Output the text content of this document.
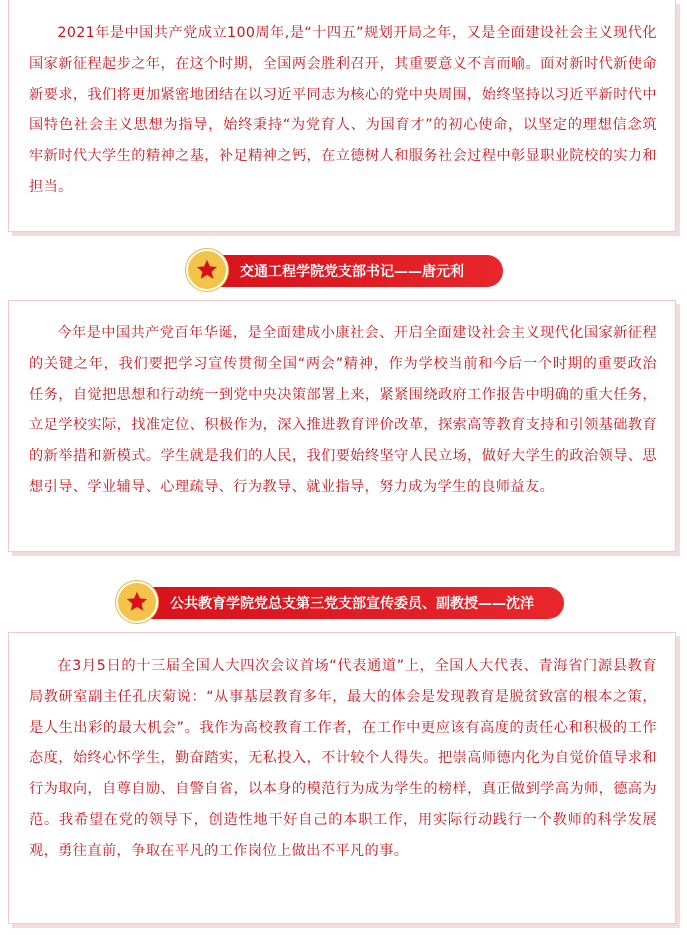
2021年是中国共产党成立100周年,是“十四五”规划开局之年，又是全面建设社会主义现代化国家新征程起步之年，在这个时期，全国两会胜利召开，其重要意义不言而喻。面对新时代新使命新要求，我们将更加紧密地团结在以习近平同志为核心的党中央周围，始终坚持以习近平新时代中国特色社会主义思想为指导，始终秉持“为党育人、为国育才”的初心使命，以坚定的理想信念筑牢新时代大学生的精神之基，补足精神之钙，在立德树人和服务社会过程中彰显职业院校的实力和担当。

交通工程学院党支部书记——唐元利

今年是中国共产党百年华诞，是全面建成小康社会、开启全面建设社会主义现代化国家新征程的关键之年，我们要把学习宣传贯彻全国“两会”精神，作为学校当前和今后一个时期的重要政治任务，自觉把思想和行动统一到党中央决策部署上来，紧紧围绕政府工作报告中明确的重大任务，立足学校实际，找准定位、积极作为，深入推进教育评价改革，探索高等教育支持和引领基础教育的新举措和新模式。学生就是我们的人民，我们要始终坚守人民立场，做好大学生的政治领导、思想引导、学业辅导、心理疏导、行为教导、就业指导，努力成为学生的良师益友。

公共教育学院党总支第三党支部宣传委员、副教授——沈洋

在3月5日的十三届全国人大四次会议首场“代表通道”上，全国人大代表、青海省门源县教育局教研室副主任孔庆菊说：“从事基层教育多年，最大的体会是发现教育是脱贫致富的根本之策，是人生出彩的最大机会”。我作为高校教育工作者，在工作中更应该有高度的责任心和积极的工作态度，始终心怀学生，勤奋踏实，无私投入，不计较个人得失。把崇高师德内化为自觉价值导求和行为取向，自尊自励、自警自省，以本身的模范行为成为学生的榜样，真正做到学高为师，德高为范。我希望在党的领导下，创造性地干好自己的本职工作，用实际行动践行一个教师的科学发展观，勇往直前，争取在平凡的工作岗位上做出不平凡的事。
